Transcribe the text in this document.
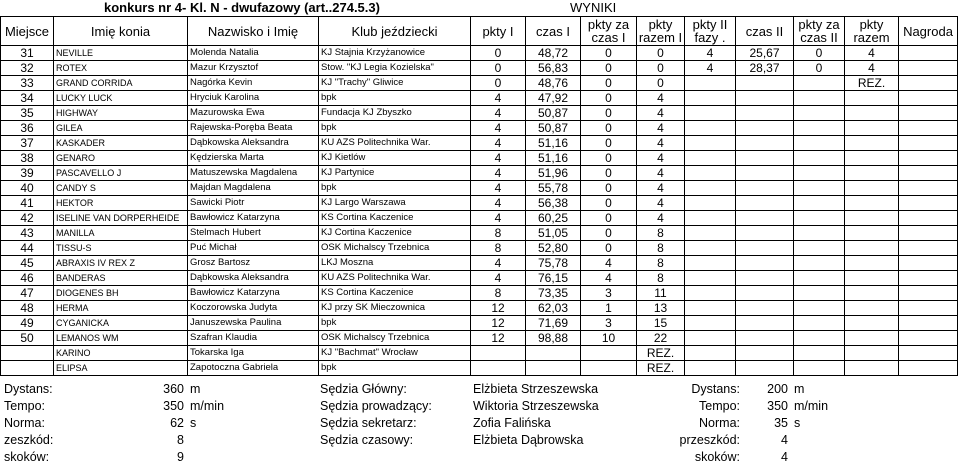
konkurs nr 4- Kl. N - dwufazowy (art..274.5.3)	WYNIKI
Miejsce	Imię konia	Nazwisko i Imię	Klub jeździecki	pkty I	czas I	pkty za czas I	pkty razem I	pkty II fazy .	czas II	pkty za czas II	pkty razem	Nagroda
31	NEVILLE	Molenda Natalia	KJ Stajnia Krzyżanowice	0	48,72	0	0	4	25,67	0	4	
32	ROTEX	Mazur Krzysztof	Stow. "KJ Legia Kozielska"	0	56,83	0	0	4	28,37	0	4	
33	GRAND CORRIDA	Nagórka Kevin	KJ "Trachy" Gliwice	0	48,76	0	0				REZ.	
34	LUCKY LUCK	Hryciuk Karolina	bpk	4	47,92	0	4					
35	HIGHWAY	Mazurowska Ewa	Fundacja KJ Zbyszko	4	50,87	0	4					
36	GILEA	Rajewska-Poręba Beata	bpk	4	50,87	0	4					
37	KASKADER	Dąbkowska Aleksandra	KU AZS Politechnika War.	4	51,16	0	4					
38	GENARO	Kędzierska Marta	KJ Kietlów	4	51,16	0	4					
39	PASCAVELLO J	Matuszewska Magdalena	KJ Partynice	4	51,96	0	4					
40	CANDY S	Majdan Magdalena	bpk	4	55,78	0	4					
41	HEKTOR	Sawicki Piotr	KJ Largo Warszawa	4	56,38	0	4					
42	ISELINE VAN DORPERHEIDE	Bawłowicz Katarzyna	KS Cortina Kaczenice	4	60,25	0	4					
43	MANILLA	Stelmach Hubert	KJ Cortina Kaczenice	8	51,05	0	8					
44	TISSU-S	Puć Michał	OSK Michalscy Trzebnica	8	52,80	0	8					
45	ABRAXIS IV REX Z	Grosz Bartosz	LKJ Moszna	4	75,78	4	8					
46	BANDERAS	Dąbkowska Aleksandra	KU AZS Politechnika War.	4	76,15	4	8					
47	DIOGENES BH	Bawłowicz Katarzyna	KS Cortina Kaczenice	8	73,35	3	11					
48	HERMA	Koczorowska Judyta	KJ przy SK Mieczownica	12	62,03	1	13					
49	CYGANICKA	Januszewska Paulina	bpk	12	71,69	3	15					
50	LEMANOS WM	Szafran Klaudia	OSK Michalscy Trzebnica	12	98,88	10	22					
	KARINO	Tokarska Iga	KJ "Bachmat" Wrocław				REZ.					
	ELIPSA	Zapotoczna Gabriela	bpk				REZ.					
Dystans:	360 m	Sędzia Główny:	Elżbieta Strzeszewska	Dystans: 200 m
Tempo:	350 m/min	Sędzia prowadzący:	Wiktoria Strzeszewska	Tempo: 350 m/min
Norma:	62 s	Sędzia sekretarz:	Zofia Falińska	Norma:	35 s
zeszkód:	8	Sędzia czasowy:	Elżbieta Dąbrowska	przeszkód:	4
skoków:	9	skoków:	4
